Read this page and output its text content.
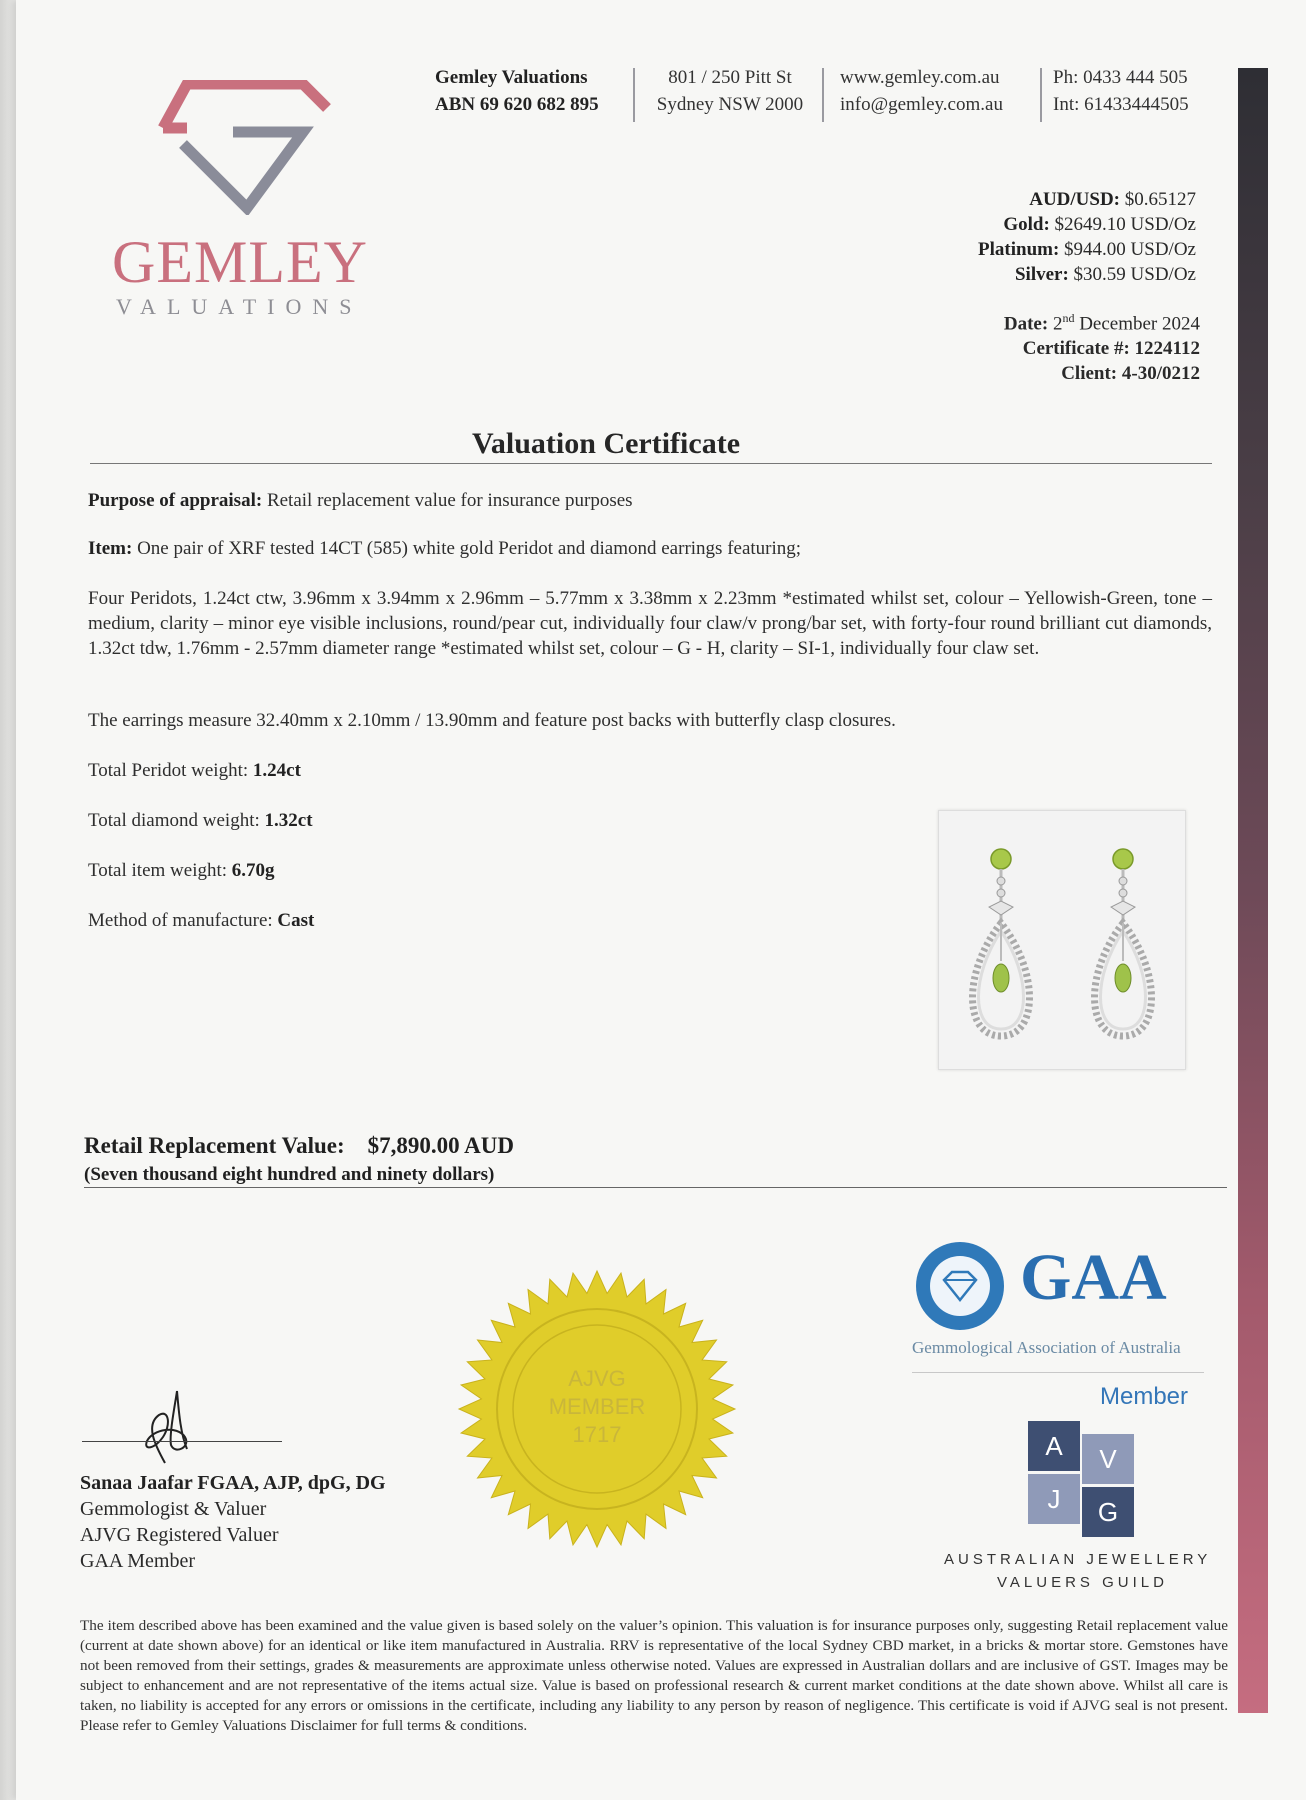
GEMLEY
VALUATIONS
Gemley Valuations
ABN 69 620 682 895
801 / 250 Pitt St
Sydney NSW 2000
www.gemley.com.au
info@gemley.com.au
Ph: 0433 444 505
Int: 61433444505
AUD/USD: $0.65127
Gold: $2649.10 USD/Oz
Platinum: $944.00 USD/Oz
Silver: $30.59 USD/Oz
Date: 2nd December 2024
Certificate #: 1224112
Client: 4-30/0212
Valuation Certificate
Purpose of appraisal: Retail replacement value for insurance purposes
Item: One pair of XRF tested 14CT (585) white gold Peridot and diamond earrings featuring;
Four Peridots, 1.24ct ctw, 3.96mm x 3.94mm x 2.96mm – 5.77mm x 3.38mm x 2.23mm *estimated whilst set, colour – Yellowish-Green, tone – medium, clarity – minor eye visible inclusions, round/pear cut, individually four claw/v prong/bar set, with forty-four round brilliant cut diamonds, 1.32ct tdw, 1.76mm - 2.57mm diameter range *estimated whilst set, colour – G - H, clarity – SI-1, individually four claw set.
The earrings measure 32.40mm x 2.10mm / 13.90mm and feature post backs with butterfly clasp closures.
Total Peridot weight: 1.24ct
Total diamond weight: 1.32ct
Total item weight: 6.70g
Method of manufacture: Cast
Retail Replacement Value: $7,890.00 AUD
(Seven thousand eight hundred and ninety dollars)
AJVG
MEMBER
1717
Sanaa Jaafar FGAA, AJP, dpG, DG
Gemmologist & Valuer
AJVG Registered Valuer
GAA Member
GAA
Gemmological Association of Australia
Member
A	V
J	G
AUSTRALIAN JEWELLERY
VALUERS GUILD
The item described above has been examined and the value given is based solely on the valuer’s opinion. This valuation is for insurance purposes only, suggesting Retail replacement value (current at date shown above) for an identical or like item manufactured in Australia. RRV is representative of the local Sydney CBD market, in a bricks & mortar store. Gemstones have not been removed from their settings, grades & measurements are approximate unless otherwise noted. Values are expressed in Australian dollars and are inclusive of GST. Images may be subject to enhancement and are not representative of the items actual size. Value is based on professional research & current market conditions at the date shown above. Whilst all care is taken, no liability is accepted for any errors or omissions in the certificate, including any liability to any person by reason of negligence. This certificate is void if AJVG seal is not present. Please refer to Gemley Valuations Disclaimer for full terms & conditions.
